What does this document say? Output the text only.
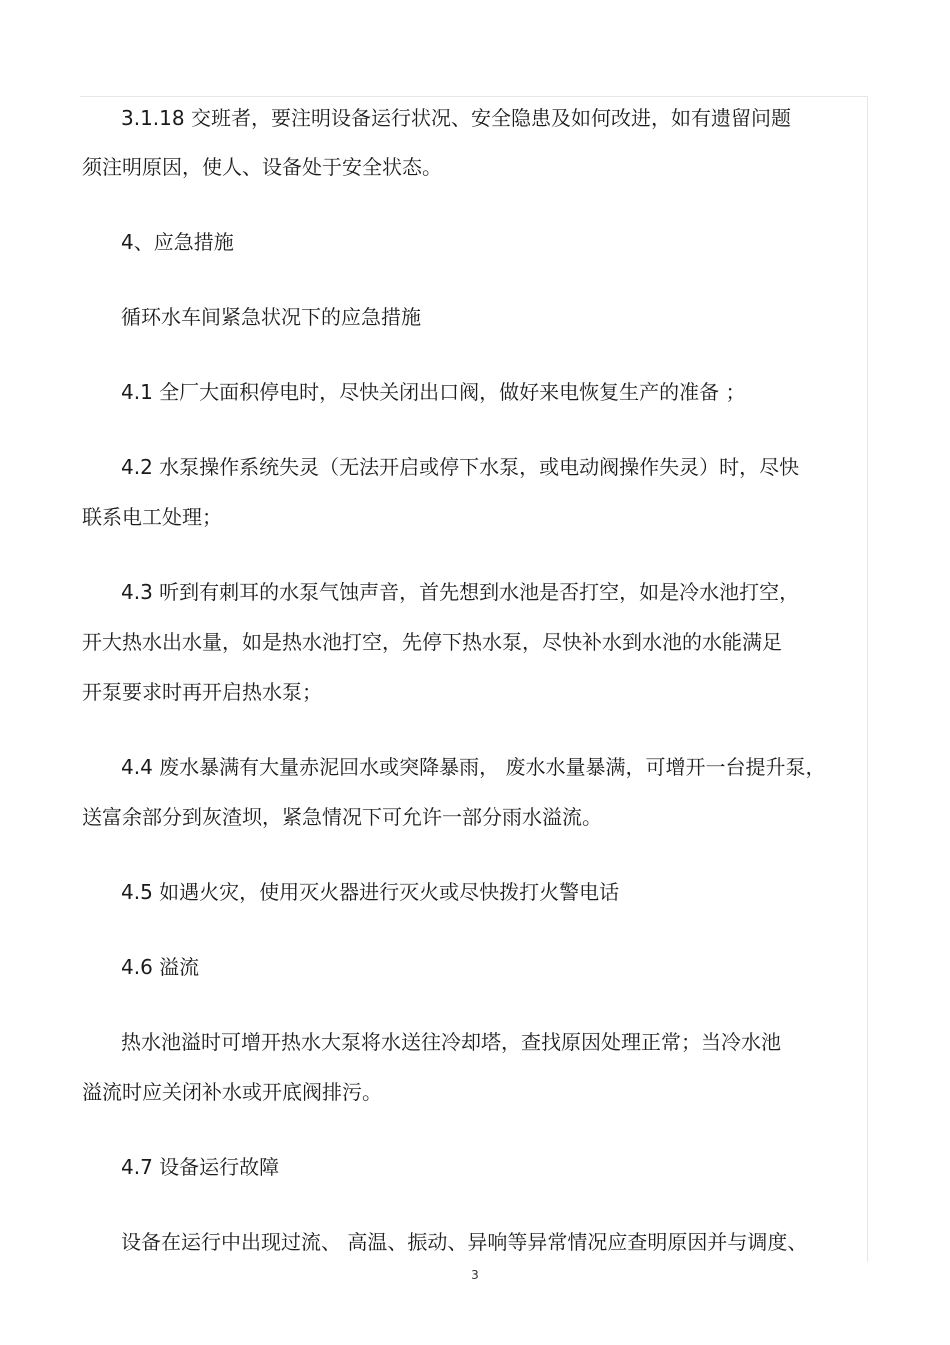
3.1.18 交班者，要注明设备运行状况、安全隐患及如何改进，如有遗留问题
须注明原因，使人、设备处于安全状态。
4、应急措施
循环水车间紧急状况下的应急措施
4.1 全厂大面积停电时，尽快关闭出口阀，做好来电恢复生产的准备 ；
4.2 水泵操作系统失灵（无法开启或停下水泵，或电动阀操作失灵）时，尽快
联系电工处理；
4.3 听到有刺耳的水泵气蚀声音，首先想到水池是否打空，如是冷水池打空，
开大热水出水量，如是热水池打空，先停下热水泵，尽快补水到水池的水能满足
开泵要求时再开启热水泵；
4.4 废水暴满有大量赤泥回水或突降暴雨， 废水水量暴满，可增开一台提升泵，
送富余部分到灰渣坝，紧急情况下可允许一部分雨水溢流。
4.5 如遇火灾，使用灭火器进行灭火或尽快拨打火警电话
4.6 溢流
热水池溢时可增开热水大泵将水送往冷却塔，查找原因处理正常；当冷水池
溢流时应关闭补水或开底阀排污。
4.7 设备运行故障
设备在运行中出现过流、 高温、振动、异响等异常情况应查明原因并与调度、
3
